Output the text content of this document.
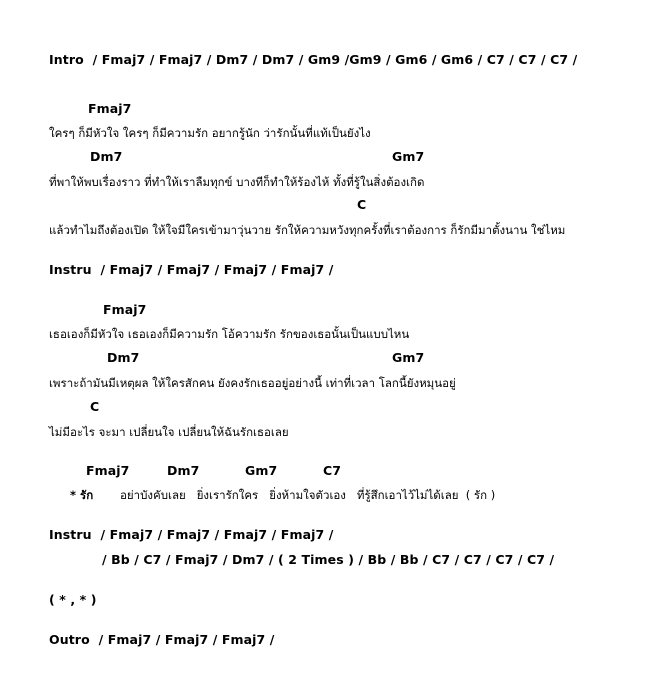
Intro  / Fmaj7 / Fmaj7 / Dm7 / Dm7 / Gm9 /Gm9 / Gm6 / Gm6 / C7 / C7 / C7 /
Fmaj7
ใครๆ ก็มีหัวใจ ใครๆ ก็มีความรัก อยากรู้นัก ว่ารักนั้นที่แท้เป็นยังไง
Dm7	Gm7
ที่พาให้พบเรื่องราว ที่ทำให้เราลืมทุกข์ บางทีก็ทำให้ร้องไห้ ทั้งที่รู้ในสิ่งต้องเกิด
C
แล้วทำไมถึงต้องเปิด ให้ใจมีใครเข้ามาวุ่นวาย รักให้ความหวังทุกครั้งที่เราต้องการ ก็รักมีมาตั้งนาน ใช่ไหม
Instru  / Fmaj7 / Fmaj7 / Fmaj7 / Fmaj7 /
Fmaj7
เธอเองก็มีหัวใจ เธอเองก็มีความรัก โอ้ความรัก รักของเธอนั้นเป็นแบบไหน
Dm7	Gm7
เพราะถ้ามันมีเหตุผล ให้ใครสักคน ยังคงรักเธออยู่อย่างนี้ เท่าที่เวลา โลกนี้ยังหมุนอยู่
C
ไม่มีอะไร จะมา เปลี่ยนใจ เปลี่ยนให้ฉันรักเธอเลย
Fmaj7	Dm7	Gm7	C7
* รัก อย่าบังคับเลย   ยิ่งเรารักใคร   ยิ่งห้ามใจตัวเอง   ที่รู้สึกเอาไว้ไม่ได้เลย  ( รัก )
Instru  / Fmaj7 / Fmaj7 / Fmaj7 / Fmaj7 /
/ Bb / C7 / Fmaj7 / Dm7 / ( 2 Times ) / Bb / Bb / C7 / C7 / C7 / C7 /
( * , * )
Outro  / Fmaj7 / Fmaj7 / Fmaj7 /
